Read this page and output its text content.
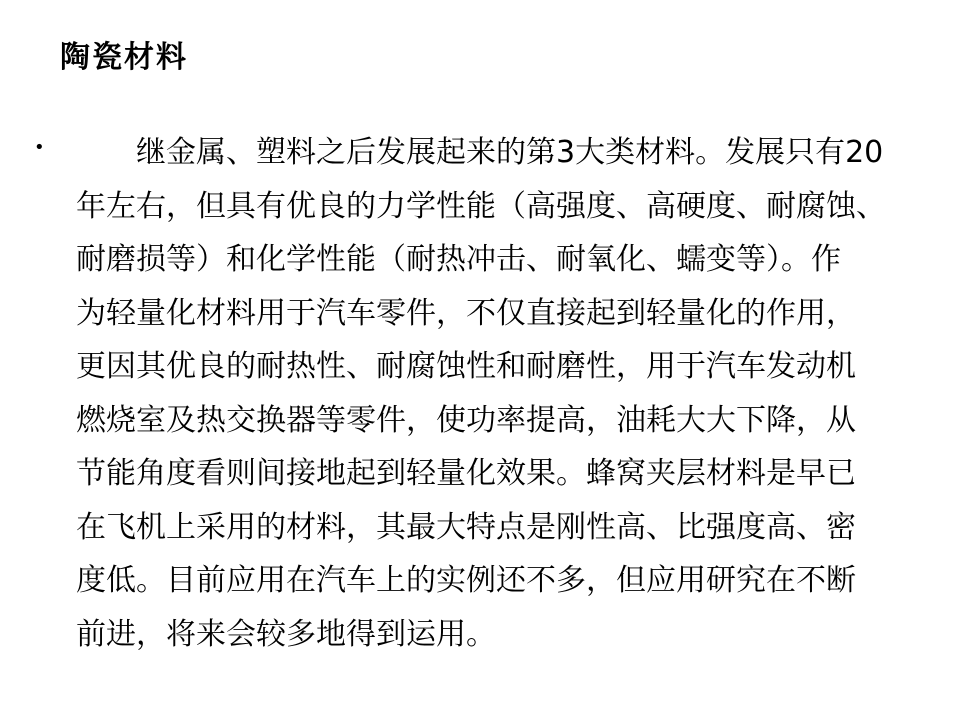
陶瓷材料
•	继金属、塑料之后发展起来的第3大类材料。发展只有20
年左右，但具有优良的力学性能（高强度、高硬度、耐腐蚀、
耐磨损等）和化学性能（耐热冲击、耐氧化、蠕变等）。作
为轻量化材料用于汽车零件，不仅直接起到轻量化的作用，
更因其优良的耐热性、耐腐蚀性和耐磨性，用于汽车发动机
燃烧室及热交换器等零件，使功率提高，油耗大大下降，从
节能角度看则间接地起到轻量化效果。蜂窝夹层材料是早已
在飞机上采用的材料，其最大特点是刚性高、比强度高、密
度低。目前应用在汽车上的实例还不多，但应用研究在不断
前进，将来会较多地得到运用。
